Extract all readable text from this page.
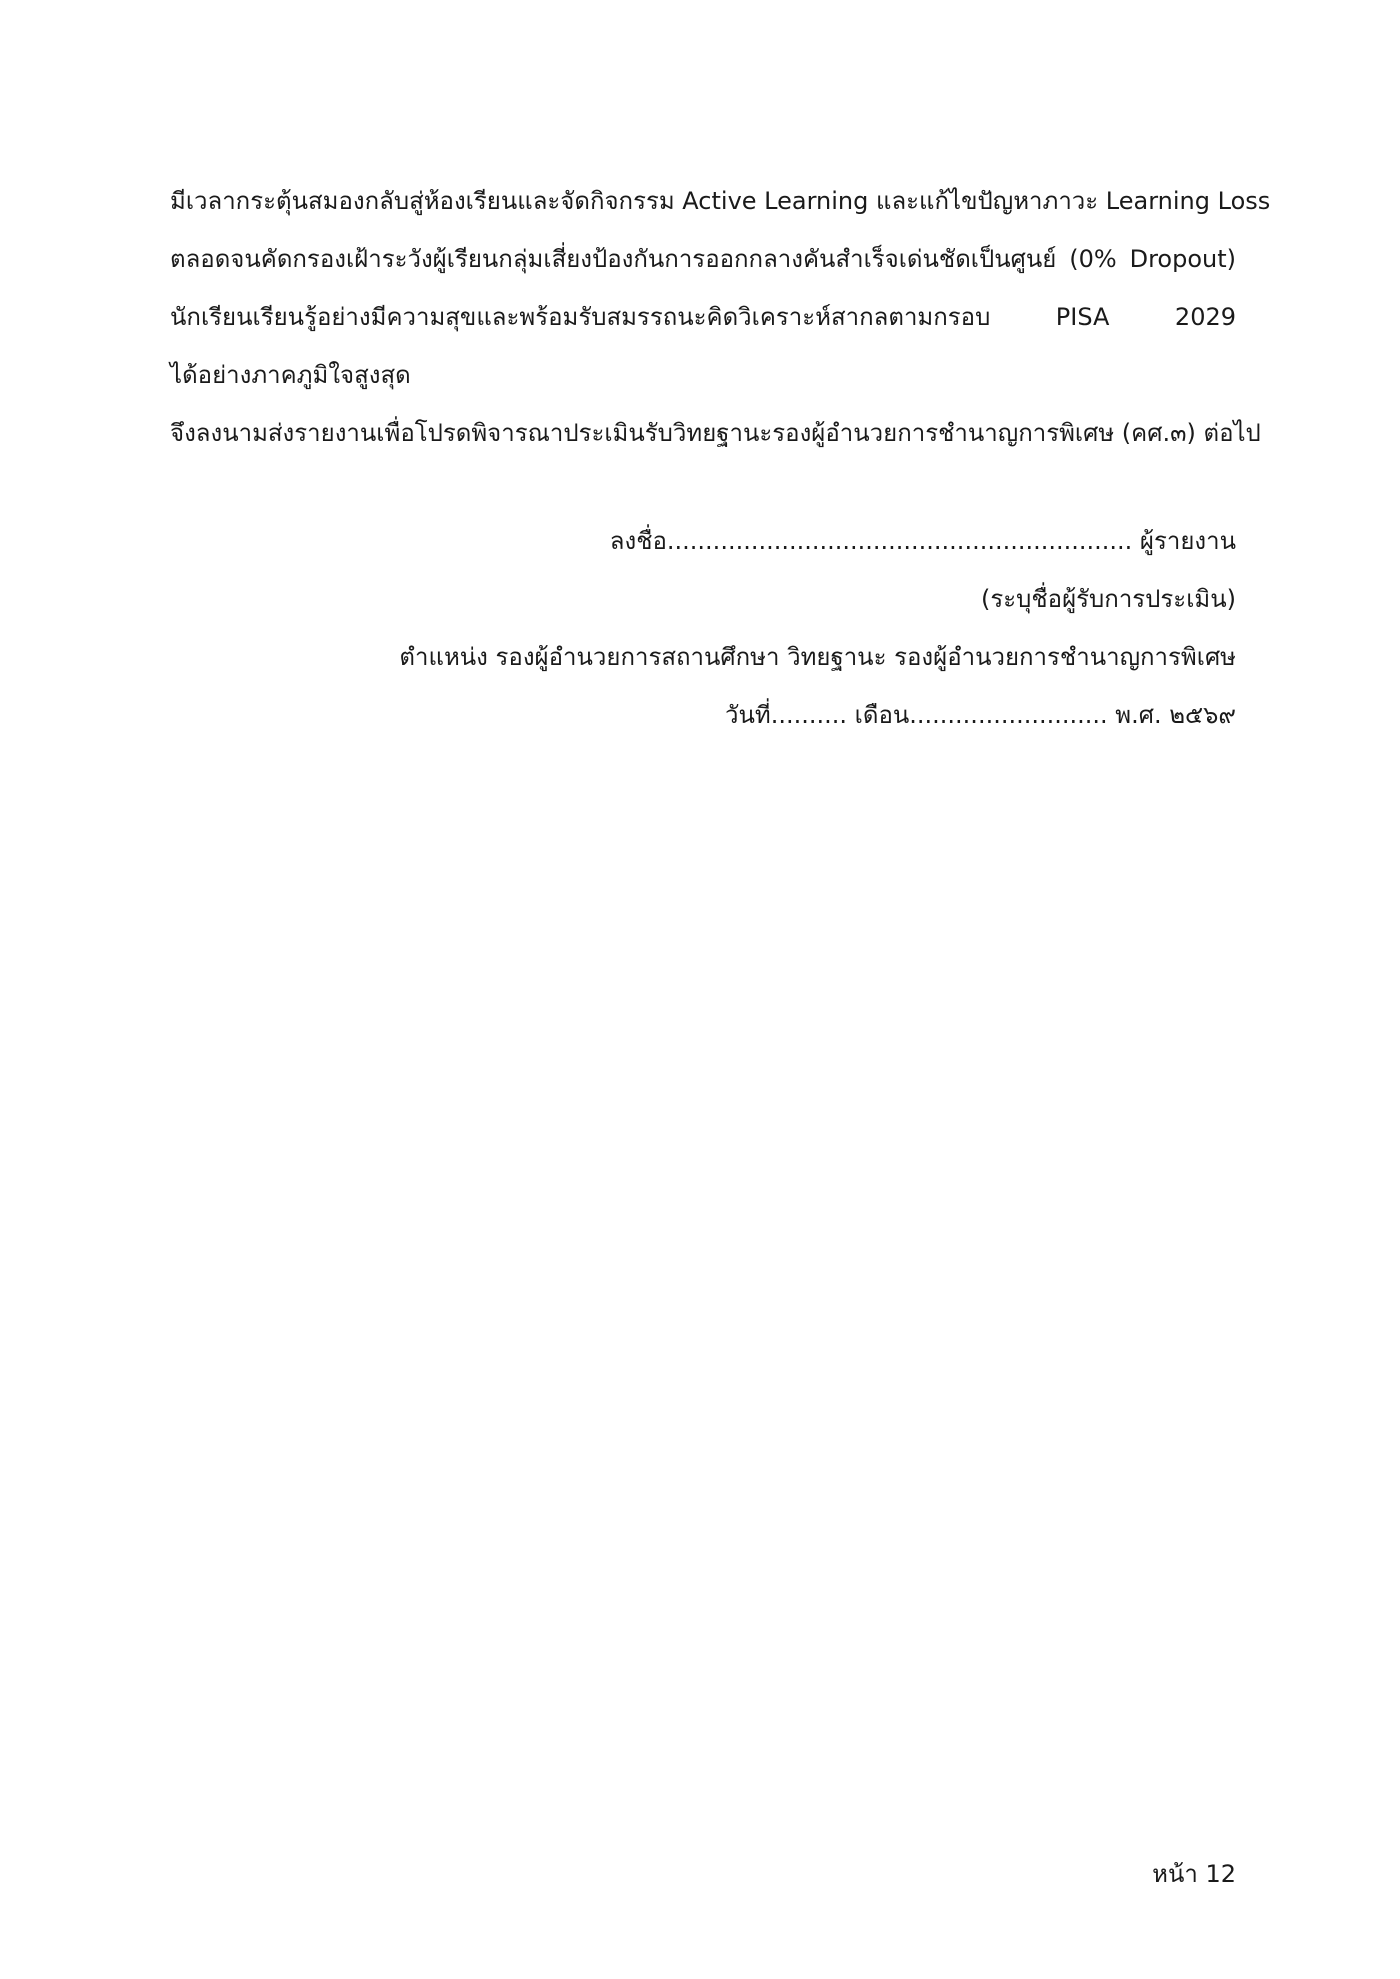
มีเวลากระตุ้นสมองกลับสู่ห้องเรียนและจัดกิจกรรม Active Learning และแก้ไขปัญหาภาวะ Learning Loss
ตลอดจนคัดกรองเฝ้าระวังผู้เรียนกลุ่มเสี่ยงป้องกันการออกกลางคันสำเร็จเด่นชัดเป็นศูนย์ (0% Dropout)
นักเรียนเรียนรู้อย่างมีความสุขและพร้อมรับสมรรถนะคิดวิเคราะห์สากลตามกรอบ PISA 2029
ได้อย่างภาคภูมิใจสูงสุด
จึงลงนามส่งรายงานเพื่อโปรดพิจารณาประเมินรับวิทยฐานะรองผู้อำนวยการชำนาญการพิเศษ (คศ.๓) ต่อไป
ลงชื่อ............................................................. ผู้รายงาน
(ระบุชื่อผู้รับการประเมิน)
ตำแหน่ง รองผู้อำนวยการสถานศึกษา วิทยฐานะ รองผู้อำนวยการชำนาญการพิเศษ
วันที่.......... เดือน.......................... พ.ศ. ๒๕๖๙
หน้า 12
